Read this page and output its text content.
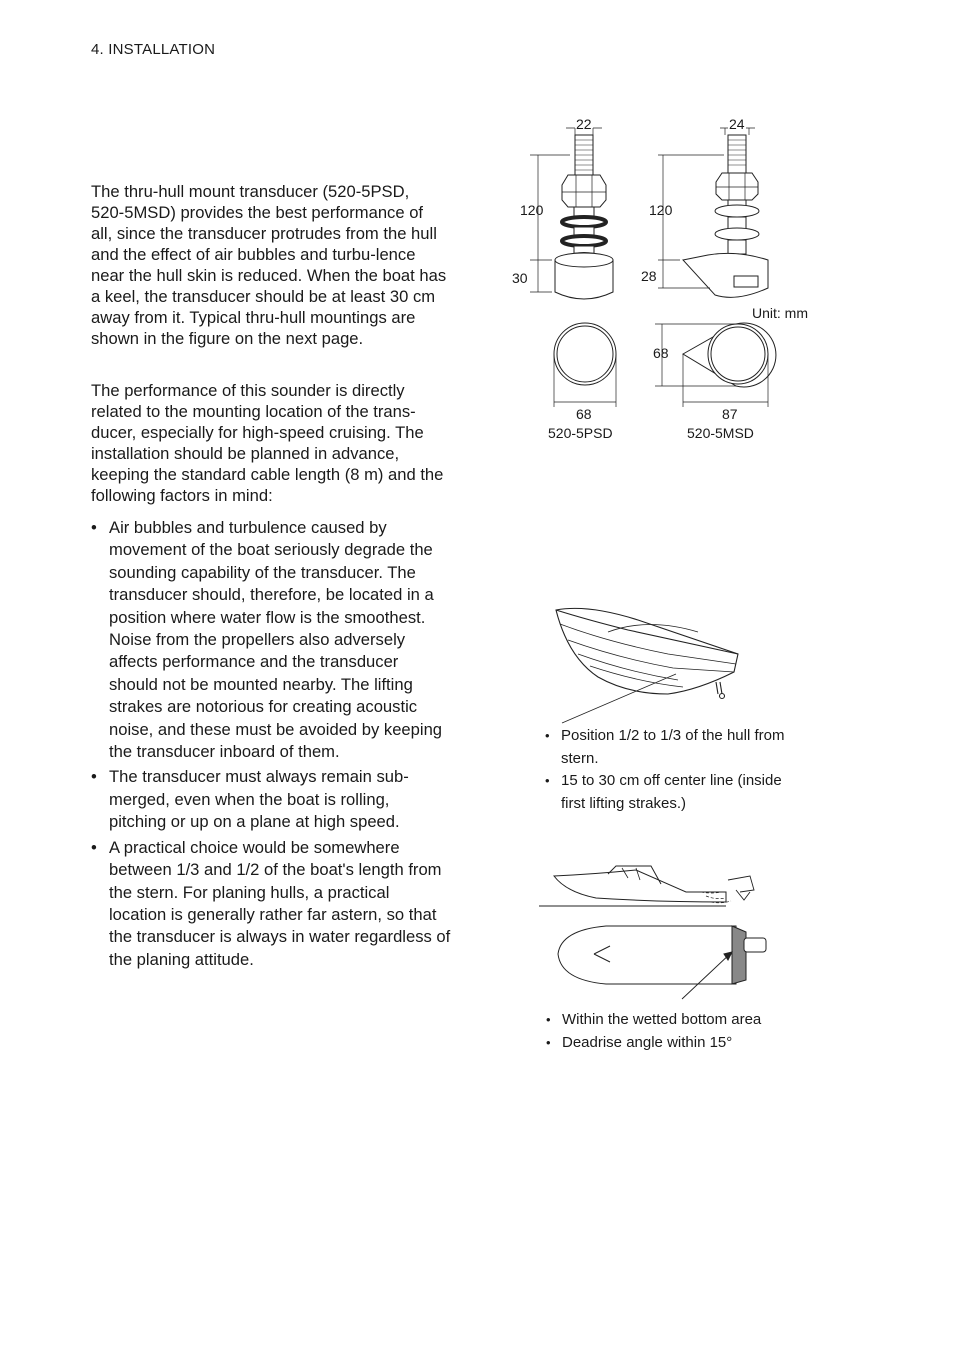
4. INSTALLATION

The thru-hull mount transducer (520-5PSD, 520-5MSD) provides the best performance of all, since the transducer protrudes from the hull and the effect of air bubbles and turbu-lence near the hull skin is reduced. When the boat has a keel, the transducer should be at least 30 cm away from it. Typical thru-hull mountings are shown in the figure on the next page.

The performance of this sounder is directly related to the mounting location of the trans-ducer, especially for high-speed cruising. The installation should be planned in advance, keeping the standard cable length (8 m) and the following factors in mind:

• Air bubbles and turbulence caused by movement of the boat seriously degrade the sounding capability of the transducer. The transducer should, therefore, be located in a position where water flow is the smoothest. Noise from the propellers also adversely affects performance and the transducer should not be mounted nearby. The lifting strakes are notorious for creating acoustic noise, and these must be avoided by keeping the transducer inboard of them.
• The transducer must always remain sub-merged, even when the boat is rolling, pitching or up on a plane at high speed.
• A practical choice would be somewhere between 1/3 and 1/2 of the boat's length from the stern. For planing hulls, a practical location is generally rather far astern, so that the transducer is always in water regardless of the planing attitude.
22
120
30
24
120
28
Unit: mm
68
68	87
520-5PSD	520-5MSD
• Position 1/2 to 1/3 of the hull from stern.
• 15 to 30 cm off center line (inside first lifting strakes.)
• Within the wetted bottom area
• Deadrise angle within 15°
